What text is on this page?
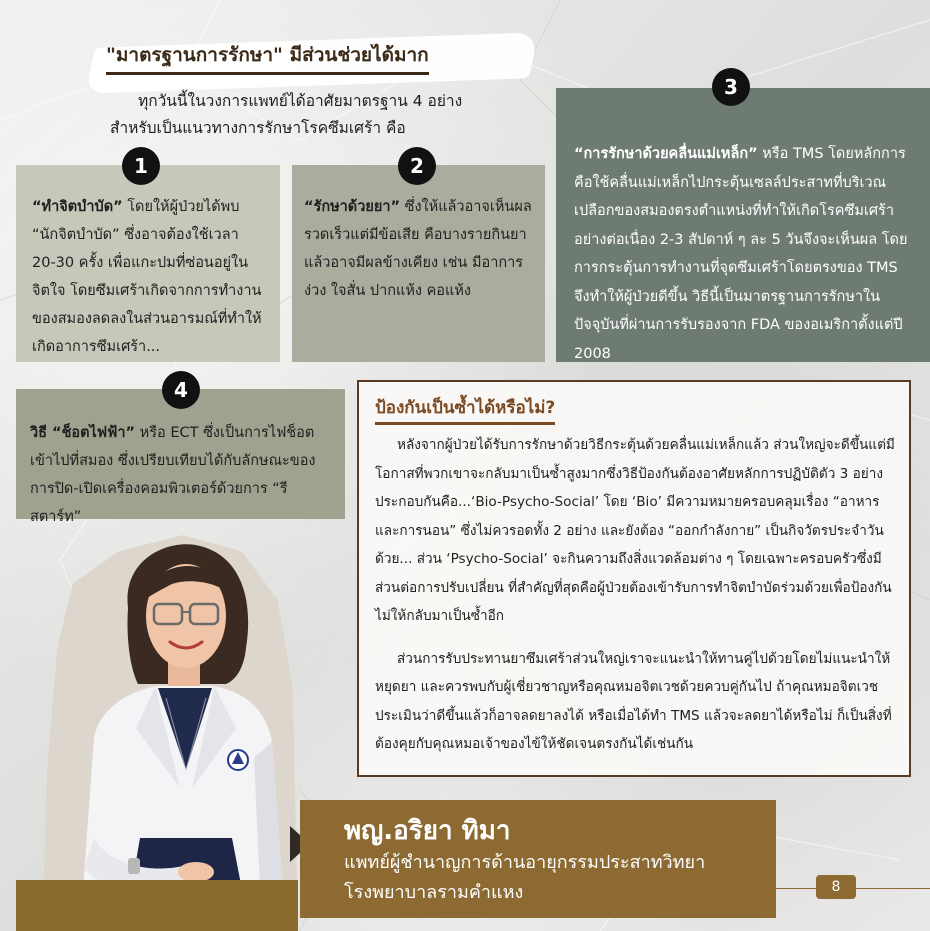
"มาตรฐานการรักษา" มีส่วนช่วยได้มาก
ทุกวันนี้ในวงการแพทย์ได้อาศัยมาตรฐาน 4 อย่าง
สำหรับเป็นแนวทางการรักษาโรคซึมเศร้า คือ

“การรักษาด้วยคลื่นแม่เหล็ก” หรือ TMS โดยหลักการคือใช้คลื่นแม่เหล็กไปกระตุ้นเซลล์ประสาทที่บริเวณเปลือกของสมองตรงตำแหน่งที่ทำให้เกิดโรคซึมเศร้าอย่างต่อเนื่อง 2-3 สัปดาห์ ๆ ละ 5 วันจึงจะเห็นผล โดยการกระตุ้นการทำงานที่จุดซึมเศร้าโดยตรงของ TMS จึงทำให้ผู้ป่วยดีขึ้น วิธีนี้เป็นมาตรฐานการรักษาในปัจจุบันที่ผ่านการรับรองจาก FDA ของอเมริกาตั้งแต่ปี 2008

“ทำจิตบำบัด” โดยให้ผู้ป่วยได้พบ “นักจิตบำบัด” ซึ่งอาจต้องใช้เวลา 20-30 ครั้ง เพื่อแกะปมที่ซ่อนอยู่ในจิตใจ โดยซึมเศร้าเกิดจากการทำงานของสมองลดลงในส่วนอารมณ์ที่ทำให้เกิดอาการซึมเศร้า...

“รักษาด้วยยา” ซึ่งให้แล้วอาจเห็นผลรวดเร็วแต่มีข้อเสีย คือบางรายกินยาแล้วอาจมีผลข้างเคียง เช่น มีอาการง่วง ใจสั่น ปากแห้ง คอแห้ง

วิธี “ช็อตไฟฟ้า” หรือ ECT ซึ่งเป็นการไฟช็อตเข้าไปที่สมอง ซึ่งเปรียบเทียบได้กับลักษณะของการปิด-เปิดเครื่องคอมพิวเตอร์ด้วยการ “รีสตาร์ท”

1	2
3
4
ป้องกันเป็นซ้ำได้หรือไม่?

หลังจากผู้ป่วยได้รับการรักษาด้วยวิธีกระตุ้นด้วยคลื่นแม่เหล็กแล้ว ส่วนใหญ่จะดีขึ้นแต่มีโอกาสที่พวกเขาจะกลับมาเป็นซ้ำสูงมากซึ่งวิธีป้องกันต้องอาศัยหลักการปฏิบัติตัว 3 อย่างประกอบกันคือ...‘Bio-Psycho-Social’ โดย ‘Bio’ มีความหมายครอบคลุมเรื่อง “อาหารและการนอน” ซึ่งไม่ควรอดทั้ง 2 อย่าง และยังต้อง “ออกกำลังกาย” เป็นกิจวัตรประจำวันด้วย... ส่วน ‘Psycho-Social’ จะกินความถึงสิ่งแวดล้อมต่าง ๆ โดยเฉพาะครอบครัวซึ่งมีส่วนต่อการปรับเปลี่ยน ที่สำคัญที่สุดคือผู้ป่วยต้องเข้ารับการทำจิตบำบัดร่วมด้วยเพื่อป้องกันไม่ให้กลับมาเป็นซ้ำอีก

ส่วนการรับประทานยาซึมเศร้าส่วนใหญ่เราจะแนะนำให้ทานคู่ไปด้วยโดยไม่แนะนำให้หยุดยา และควรพบกับผู้เชี่ยวชาญหรือคุณหมอจิตเวชด้วยควบคู่กันไป ถ้าคุณหมอจิตเวชประเมินว่าดีขึ้นแล้วก็อาจลดยาลงได้ หรือเมื่อได้ทำ TMS แล้วจะลดยาได้หรือไม่ ก็เป็นสิ่งที่ต้องคุยกับคุณหมอเจ้าของไข้ให้ชัดเจนตรงกันได้เช่นกัน

พญ.อริยา ทิมา
แพทย์ผู้ชำนาญการด้านอายุกรรมประสาทวิทยา
โรงพยาบาลรามคำแหง	8
